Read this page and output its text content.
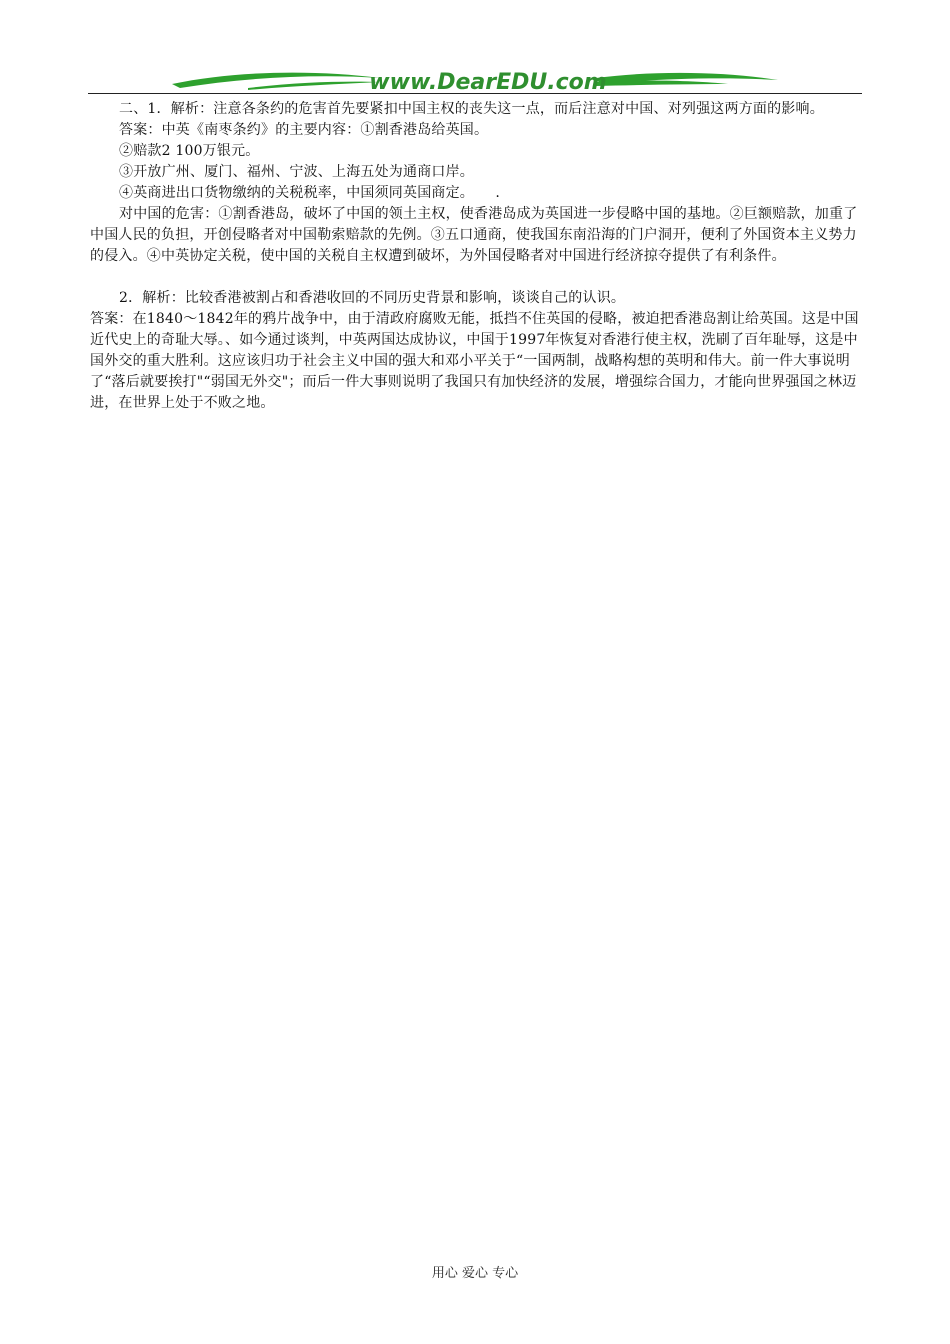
www.DearEDU.com

二、1．解析：注意各条约的危害首先要紧扣中国主权的丧失这一点，而后注意对中国、对列强这两方面的影响。

答案：中英《南枣条约》的主要内容：①割香港岛给英国。

②赔款2 100万银元。

③开放广州、厦门、福州、宁波、上海五处为通商口岸。

④英商进出口货物缴纳的关税税率，中国须同英国商定。　　.

对中国的危害：①割香港岛，破坏了中国的领土主权，使香港岛成为英国进一步侵略中国的基地。②巨额赔款，加重了中国人民的负担，开创侵略者对中国勒索赔款的先例。③五口通商，使我国东南沿海的门户洞开，便利了外国资本主义势力的侵入。④中英协定关税，使中国的关税自主权遭到破坏，为外国侵略者对中国进行经济掠夺提供了有利条件。

2．解析：比较香港被割占和香港收回的不同历史背景和影响，谈谈自己的认识。

答案：在1840～1842年的鸦片战争中，由于清政府腐败无能，抵挡不住英国的侵略，被迫把香港岛割让给英国。这是中国近代史上的奇耻大辱。、如今通过谈判，中英两国达成协议，中国于1997年恢复对香港行使主权，洗刷了百年耻辱，这是中国外交的重大胜利。这应该归功于社会主义中国的强大和邓小平关于“一国两制，战略构想的英明和伟大。前一件大事说明了“落后就要挨打"“弱国无外交"；而后一件大事则说明了我国只有加快经济的发展，增强综合国力，才能向世界强国之林迈进，在世界上处于不败之地。

用心 爱心 专心
